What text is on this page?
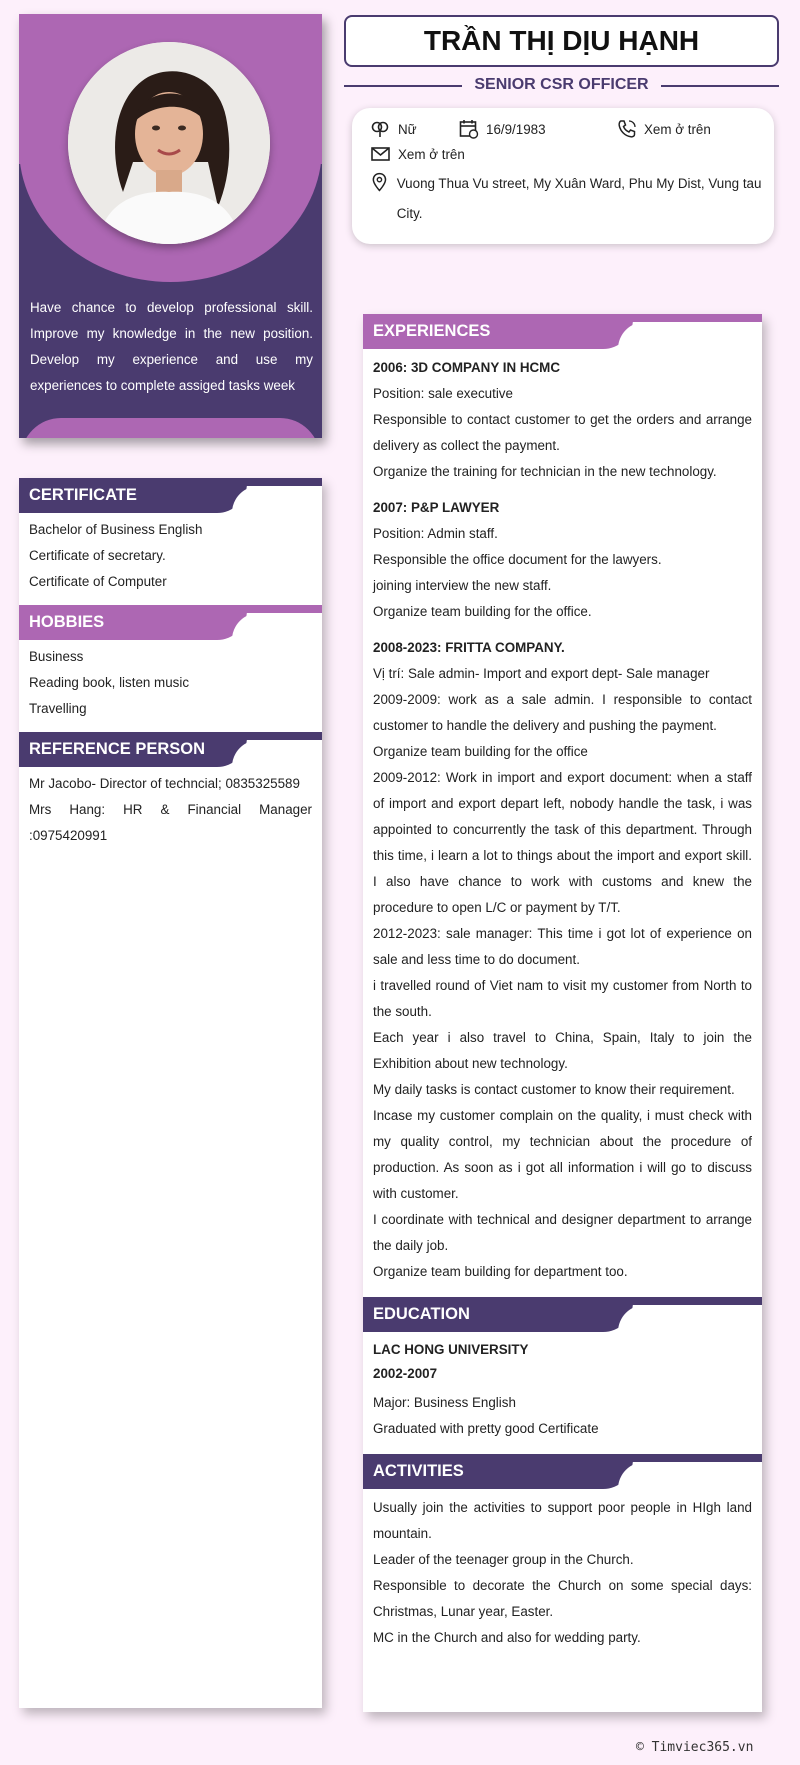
Have chance to develop professional skill. Improve my knowledge in the new position. Develop my experience and use my experiences to complete assiged tasks week
CERTIFICATE
Bachelor of Business English
Certificate of secretary.
Certificate of Computer
HOBBIES
Business
Reading book, listen music
Travelling
REFERENCE PERSON
Mr Jacobo- Director of techncial; 0835325589
Mrs Hang: HR & Financial Manager :0975420991
TRẦN THỊ DỊU HẠNH
SENIOR CSR OFFICER
Nữ	16/9/1983	Xem ở trên
Xem ở trên
Vuong Thua Vu street, My Xuân Ward, Phu My Dist, Vung tau City.
EXPERIENCES
2006: 3D COMPANY IN HCMC
Position: sale executive
Responsible to contact customer to get the orders and arrange delivery as collect the payment.
Organize the training for technician in the new technology.
2007: P&P LAWYER
Position: Admin staff.
Responsible the office document for the lawyers.
joining interview the new staff.
Organize team building for the office.
2008-2023: FRITTA COMPANY.
Vị trí: Sale admin- Import and export dept- Sale manager
2009-2009: work as a sale admin. I responsible to contact customer to handle the delivery and pushing the payment.
Organize team building for the office
2009-2012: Work in import and export document: when a staff of import and export depart left, nobody handle the task, i was appointed to concurrently the task of this department. Through this time, i learn a lot to things about the import and export skill. I also have chance to work with customs and knew the procedure to open L/C or payment by T/T.
2012-2023: sale manager: This time i got lot of experience on sale and less time to do document.
i travelled round of Viet nam to visit my customer from North to the south.
Each year i also travel to China, Spain, Italy to join the Exhibition about new technology.
My daily tasks is contact customer to know their requirement.
Incase my customer complain on the quality, i must check with my quality control, my technician about the procedure of production. As soon as i got all information i will go to discuss with customer.
I coordinate with technical and designer department to arrange the daily job.
Organize team building for department too.
EDUCATION
LAC HONG UNIVERSITY
2002-2007
Major: Business English
Graduated with pretty good Certificate
ACTIVITIES
Usually join the activities to support poor people in HIgh land mountain.
Leader of the teenager group in the Church.
Responsible to decorate the Church on some special days: Christmas, Lunar year, Easter.
MC in the Church and also for wedding party.
© Timviec365.vn
